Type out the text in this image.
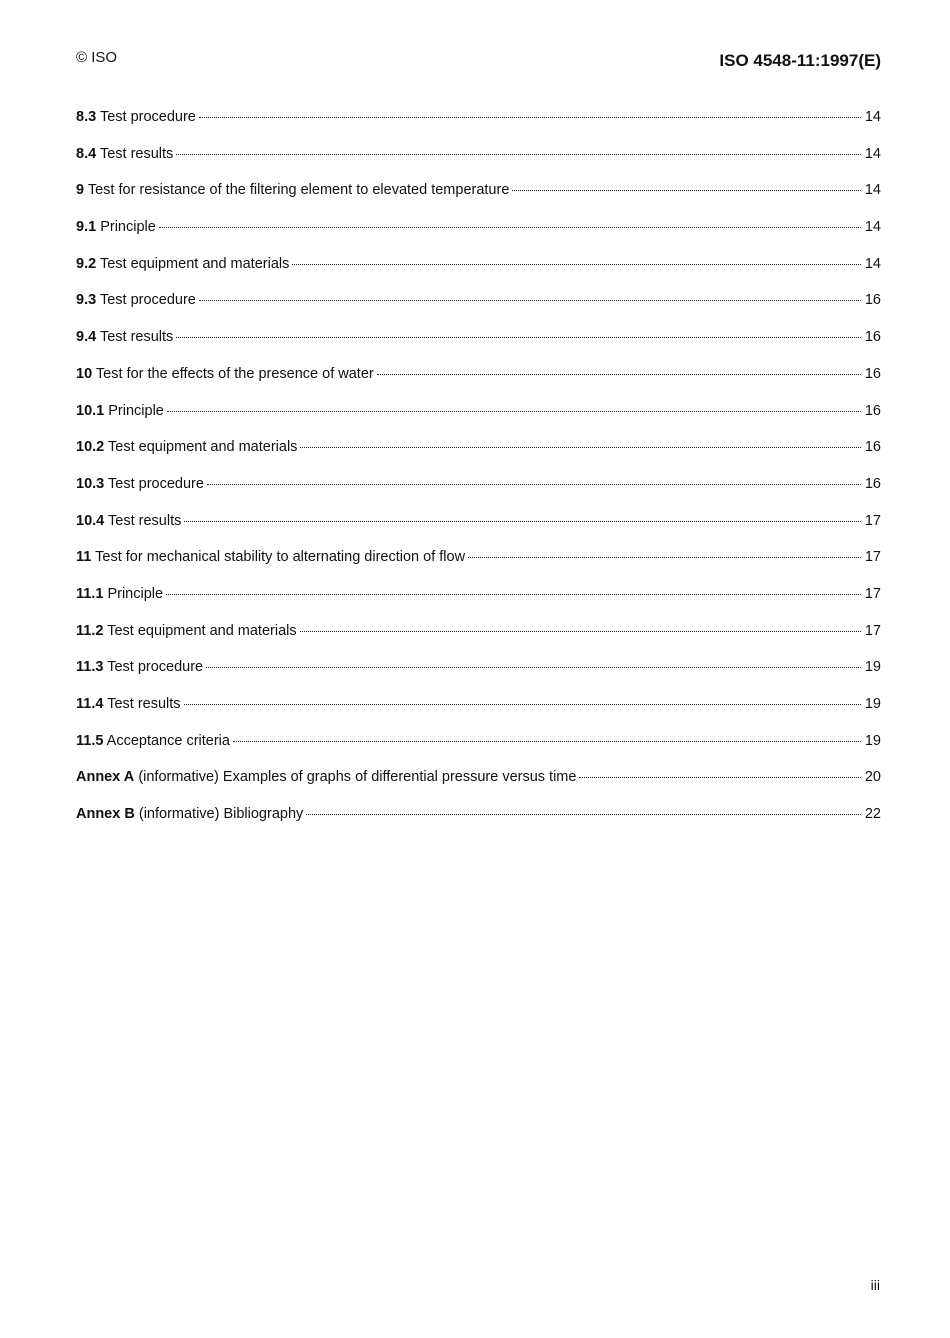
© ISO	ISO 4548-11:1997(E)
8.3 Test procedure	14
8.4 Test results	14
9 Test for resistance of the filtering element to elevated temperature	14
9.1 Principle	14
9.2 Test equipment and materials	14
9.3 Test procedure	16
9.4 Test results	16
10 Test for the effects of the presence of water	16
10.1 Principle	16
10.2 Test equipment and materials	16
10.3 Test procedure	16
10.4 Test results	17
11 Test for mechanical stability to alternating direction of flow	17
11.1 Principle	17
11.2 Test equipment and materials	17
11.3 Test procedure	19
11.4 Test results	19
11.5 Acceptance criteria	19
Annex A (informative) Examples of graphs of differential pressure versus time	20
Annex B (informative) Bibliography	22
iii
